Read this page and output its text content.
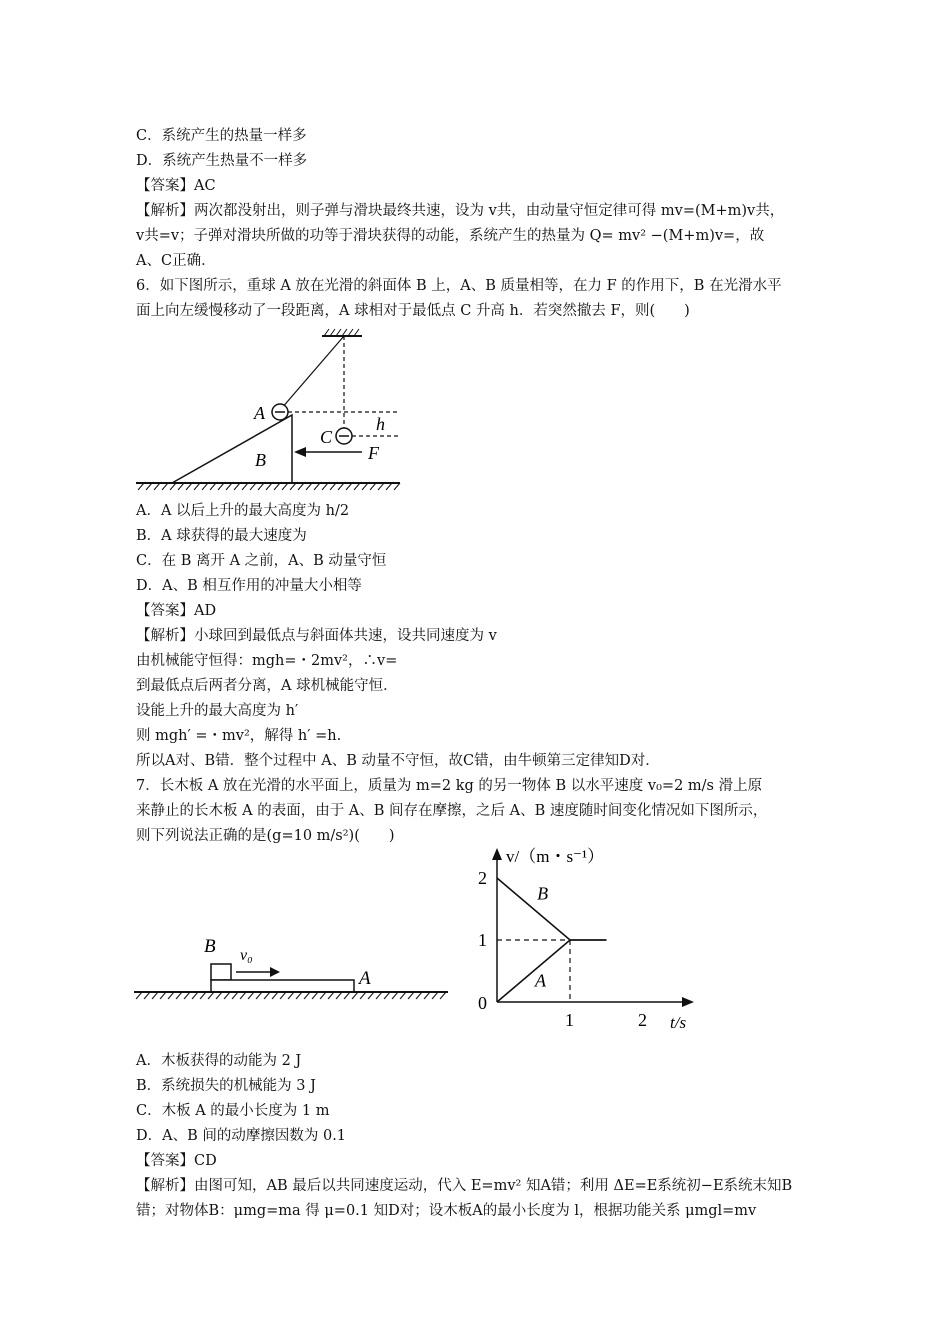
C．系统产生的热量一样多
D．系统产生热量不一样多
【答案】AC
【解析】两次都没射出，则子弹与滑块最终共速，设为 v共，由动量守恒定律可得 mv=(M+m)v共，
v共=v；子弹对滑块所做的功等于滑块获得的动能，系统产生的热量为 Q= mv² −(M+m)v=，故
A、C正确．
6．如下图所示，重球 A 放在光滑的斜面体 B 上，A、B 质量相等，在力 F 的作用下，B 在光滑水平
面上向左缓慢移动了一段距离，A 球相对于最低点 C 升高 h．若突然撤去 F，则(　　)
A
B
C
h
F
A．A 以后上升的最大高度为 h/2
B．A 球获得的最大速度为
C．在 B 离开 A 之前，A、B 动量守恒
D．A、B 相互作用的冲量大小相等
【答案】AD
【解析】小球回到最低点与斜面体共速，设共同速度为 v
由机械能守恒得：mgh=・2mv²，∴v=
到最低点后两者分离，A 球机械能守恒．
设能上升的最大高度为 h′
则 mgh′ =・mv²，解得 h′ =h.
所以A对、B错．整个过程中 A、B 动量不守恒，故C错，由牛顿第三定律知D对．
7．长木板 A 放在光滑的水平面上，质量为 m=2 kg 的另一物体 B 以水平速度 v₀=2 m/s 滑上原
来静止的长木板 A 的表面，由于 A、B 间存在摩擦，之后 A、B 速度随时间变化情况如下图所示，
则下列说法正确的是(g=10 m/s²)(　　)
B v₀
A
B
A
1	2
1
2
v/（m・s⁻¹）
t/s
0
A．木板获得的动能为 2 J
B．系统损失的机械能为 3 J
C．木板 A 的最小长度为 1 m
D．A、B 间的动摩擦因数为 0.1
【答案】CD
【解析】由图可知，AB 最后以共同速度运动，代入 E=mv² 知A错；利用 ΔE=E系统初−E系统末知B
错；对物体B：μmg=ma 得 μ=0.1 知D对；设木板A的最小长度为 l，根据功能关系 μmgl=mv
